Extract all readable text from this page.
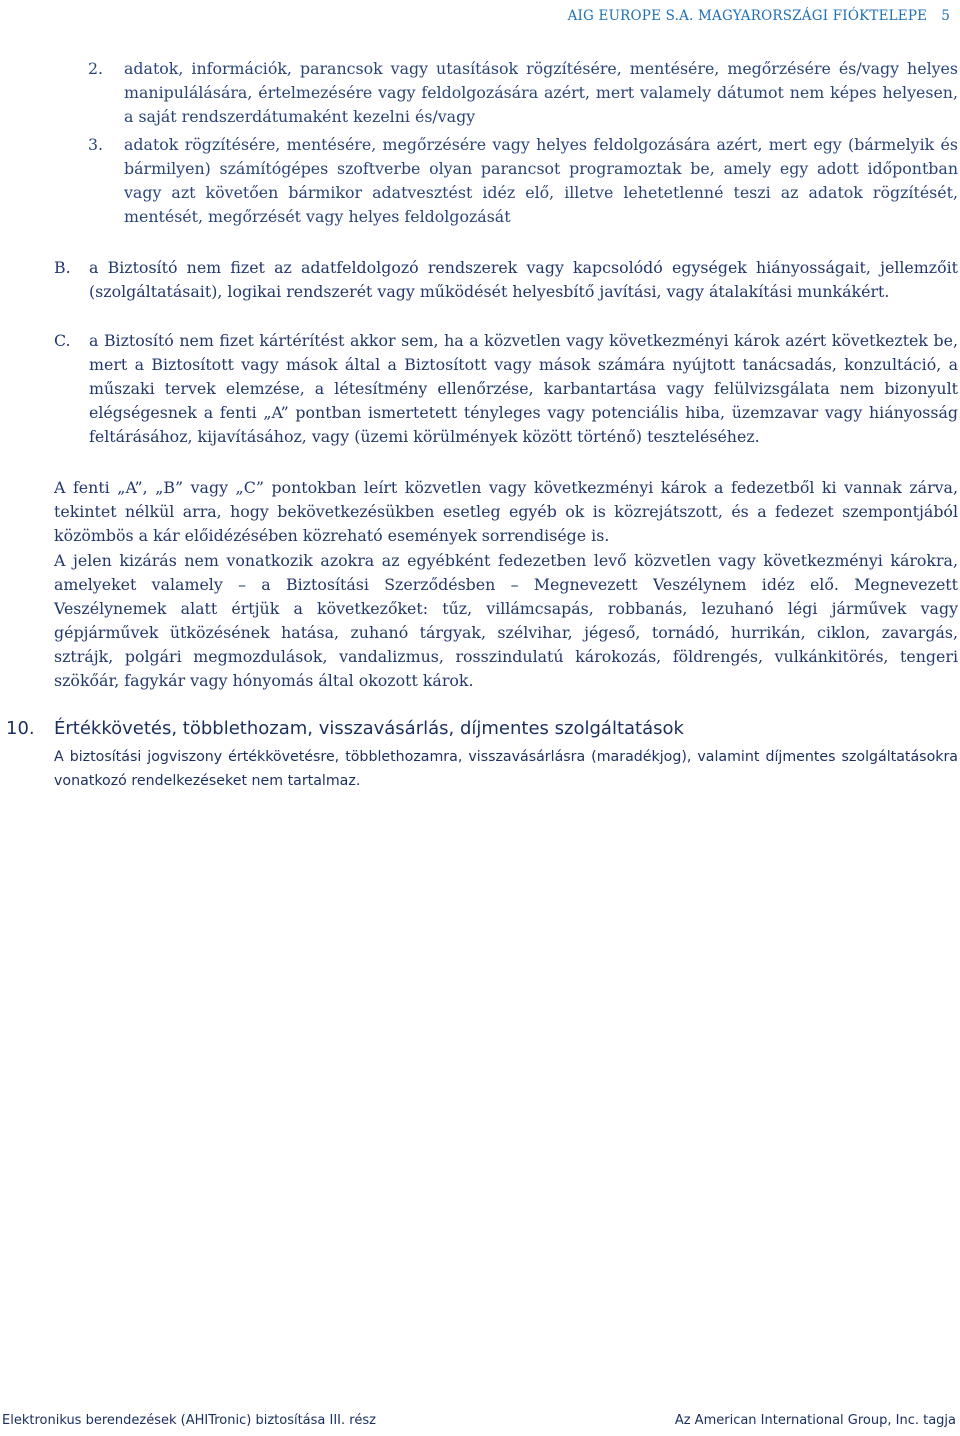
AIG EUROPE S.A. MAGYARORSZÁGI FIÓKTELEPE 5
2.	adatok, információk, parancsok vagy utasítások rögzítésére, mentésére, megőrzésére és/vagy helyes manipulálására, értelmezésére vagy feldolgozására azért, mert valamely dátumot nem képes helyesen, a saját rendszerdátumaként kezelni és/vagy
3.	adatok rögzítésére, mentésére, megőrzésére vagy helyes feldolgozására azért, mert egy (bármelyik és bármilyen) számítógépes szoftverbe olyan parancsot programoztak be, amely egy adott időpontban vagy azt követően bármikor adatvesztést idéz elő, illetve lehetetlenné teszi az adatok rögzítését, mentését, megőrzését vagy helyes feldolgozását
B.	a Biztosító nem fizet az adatfeldolgozó rendszerek vagy kapcsolódó egységek hiányosságait, jellemzőit (szolgáltatásait), logikai rendszerét vagy működését helyesbítő javítási, vagy átalakítási munkákért.
C.	a Biztosító nem fizet kártérítést akkor sem, ha a közvetlen vagy következményi károk azért következtek be, mert a Biztosított vagy mások által a Biztosított vagy mások számára nyújtott tanácsadás, konzultáció, a műszaki tervek elemzése, a létesítmény ellenőrzése, karbantartása vagy felülvizsgálata nem bizonyult elégségesnek a fenti „A” pontban ismertetett tényleges vagy potenciális hiba, üzemzavar vagy hiányosság feltárásához, kijavításához, vagy (üzemi körülmények között történő) teszteléséhez.
A fenti „A”, „B” vagy „C” pontokban leírt közvetlen vagy következményi károk a fedezetből ki vannak zárva, tekintet nélkül arra, hogy bekövetkezésükben esetleg egyéb ok is közrejátszott, és a fedezet szempontjából közömbös a kár előidézésében közreható események sorrendisége is.
A jelen kizárás nem vonatkozik azokra az egyébként fedezetben levő közvetlen vagy következményi károkra, amelyeket valamely – a Biztosítási Szerződésben – Megnevezett Veszélynem idéz elő. Megnevezett Veszélynemek alatt értjük a következőket: tűz, villámcsapás, robbanás, lezuhanó légi járművek vagy gépjárművek ütközésének hatása, zuhanó tárgyak, szélvihar, jégeső, tornádó, hurrikán, ciklon, zavargás, sztrájk, polgári megmozdulások, vandalizmus, rosszindulatú károkozás, földrengés, vulkánkitörés, tengeri szökőár, fagykár vagy hónyomás által okozott károk.
10. Értékkövetés, többlethozam, visszavásárlás, díjmentes szolgáltatások
A biztosítási jogviszony értékkövetésre, többlethozamra, visszavásárlásra (maradékjog), valamint díjmentes szolgáltatásokra vonatkozó rendelkezéseket nem tartalmaz.
Elektronikus berendezések (AHITronic) biztosítása III. rész	Az American International Group, Inc. tagja
